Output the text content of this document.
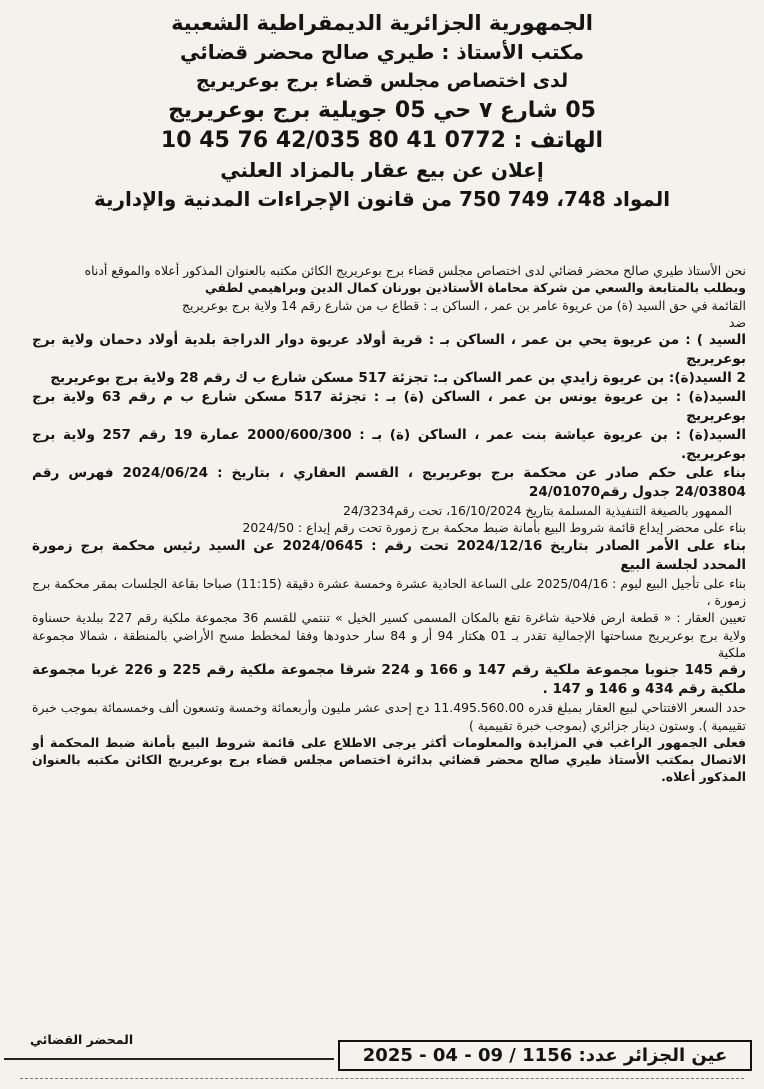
الجمهورية الجزائرية الديمقراطية الشعبية

مكتب الأستاذ : طيري صالح محضر قضائي

لدى اختصاص مجلس قضاء برج بوعريريج

05 شارع ٧ حي 05 جويلية برج بوعريريج

الهاتف : 0772 41 80 42/035 76 45 10

إعلان عن بيع عقار بالمزاد العلني

المواد 748، 749 750 من قانون الإجراءات المدنية والإدارية

نحن الأستاذ طيري صالح محضر قضائي لدى اختصاص مجلس قضاء برج بوعريريج الكائن مكتبه بالعنوان المذكور أعلاه والموقع أدناه

وبطلب بالمتابعة والسعي من شركة محاماة الأستاذين بورنان كمال الدين وبراهيمي لطفي

القائمة في حق السيد (ة) من عريوة عامر بن عمر ، الساكن بـ : قطاع ب من شارع رقم 14 ولاية برج بوعريريج

ضد

السيد ) : من عريوة يحي بن عمر ، الساكن بـ : قرية أولاد عريوة دوار الدراجة بلدية أولاد دحمان ولاية برج بوعريريج

2 السيد(ة): بن عريوة زايدي بن عمر الساكن بـ: تجزئة 517 مسكن شارع ب ك رقم 28 ولاية برج بوعريريج

السيد(ة) : بن عريوة يونس بن عمر ، الساكن (ة) بـ : تجزئة 517 مسكن شارع ب م رقم 63 ولاية برج بوعريريج

السيد(ة) : بن عريوة عياشة بنت عمر ، الساكن (ة) بـ : 2000/600/300 عمارة 19 رقم 257 ولاية برج بوعريريج.

بناء على حكم صادر عن محكمة برج بوعريريج ، القسم العقاري ، بتاريخ : 2024/06/24 فهرس رقم 24/03804 جدول رقم24/01070

الممهور بالصيغة التنفيذية المسلمة بتاريخ 16/10/2024، تحت رقم24/3234

بناء على محضر إيداع قائمة شروط البيع بأمانة ضبط محكمة برج زمورة تحت رقم إيداع : 2024/50

بناء على الأمر الصادر بتاريخ 2024/12/16 تحت رقم : 2024/0645 عن السيد رئيس محكمة برج زمورة المحدد لجلسة البيع

بناء على تأجيل البيع ليوم : 2025/04/16 على الساعة الحادية عشرة وخمسة عشرة دقيقة (11:15) صباحا بقاعة الجلسات بمقر محكمة برج زمورة ،

تعيين العقار : « قطعة ارض فلاحية شاغرة تقع بالمكان المسمى كسير الخيل » تنتمي للقسم 36 مجموعة ملكية رقم 227 ببلدية حسناوة ولاية برج بوعريريج مساحتها الإجمالية تقدر بـ 01 هكتار 94 أر و 84 سار حدودها وفقا لمخطط مسح الأراضي بالمنطقة ، شمالا مجموعة ملكية

رقم 145 جنوبا مجموعة ملكية رقم 147 و 166 و 224 شرقا مجموعة ملكية رقم 225 و 226 غربا مجموعة ملكية رقم 434 و 146 و 147 .

حدد السعر الافتتاحي لبيع العقار بمبلغ قدره 11.495.560.00 دج إحدى عشر مليون وأربعمائة وخمسة وتسعون ألف وخمسمائة بموجب خبرة تقييمية ). وستون دينار جزائري (بموجب خبرة تقييمية )

فعلى الجمهور الراغب في المزايدة والمعلومات أكثر يرجى الاطلاع على قائمة شروط البيع بأمانة ضبط المحكمة أو الاتصال بمكتب الأستاذ طيري صالح محضر قضائي بدائرة اختصاص مجلس قضاء برج بوعريريج الكائن مكتبه بالعنوان المذكور أعلاه.

المحضر القضائي
عين الجزائر عدد: 1156 / 09 - 04 - 2025
